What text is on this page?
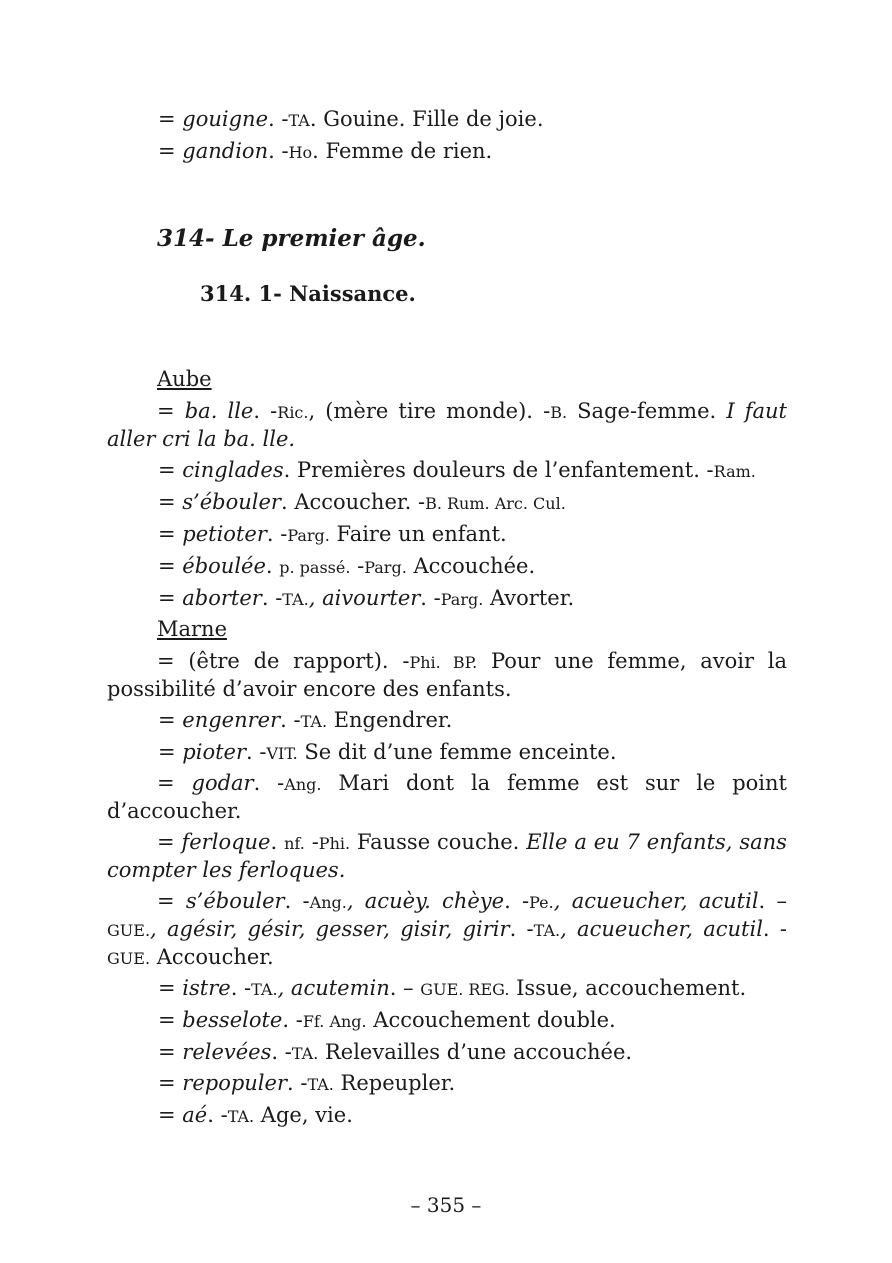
= gouigne. -TA. Gouine. Fille de joie.

= gandion. -Ho. Femme de rien.

314- Le premier âge.

314. 1- Naissance.

Aube

= ba. lle. -Ric., (mère tire monde). -B. Sage-femme. I faut aller cri la ba. lle.

= cinglades. Premières douleurs de l’enfantement. -Ram.

= s’ébouler. Accoucher. -B. Rum. Arc. Cul.

= petioter. -Parg. Faire un enfant.

= éboulée. p. passé. -Parg. Accouchée.

= aborter. -TA., aivourter. -Parg. Avorter.

Marne

= (être de rapport). -Phi. BP. Pour une femme, avoir la possibilité d’avoir encore des enfants.

= engenrer. -TA. Engendrer.

= pioter. -VIT. Se dit d’une femme enceinte.

= godar. -Ang. Mari dont la femme est sur le point d’accoucher.

= ferloque. nf. -Phi. Fausse couche. Elle a eu 7 enfants, sans compter les ferloques.

= s’ébouler. -Ang., acuèy. chèye. -Pe., acueucher, acutil. – GUE., agésir, gésir, gesser, gisir, girir. -TA., acueucher, acutil. -GUE. Accoucher.

= istre. -TA., acutemin. – GUE. REG. Issue, accouchement.

= besselote. -Ff. Ang. Accouchement double.

= relevées. -TA. Relevailles d’une accouchée.

= repopuler. -TA. Repeupler.

= aé. -TA. Age, vie.

– 355 –
